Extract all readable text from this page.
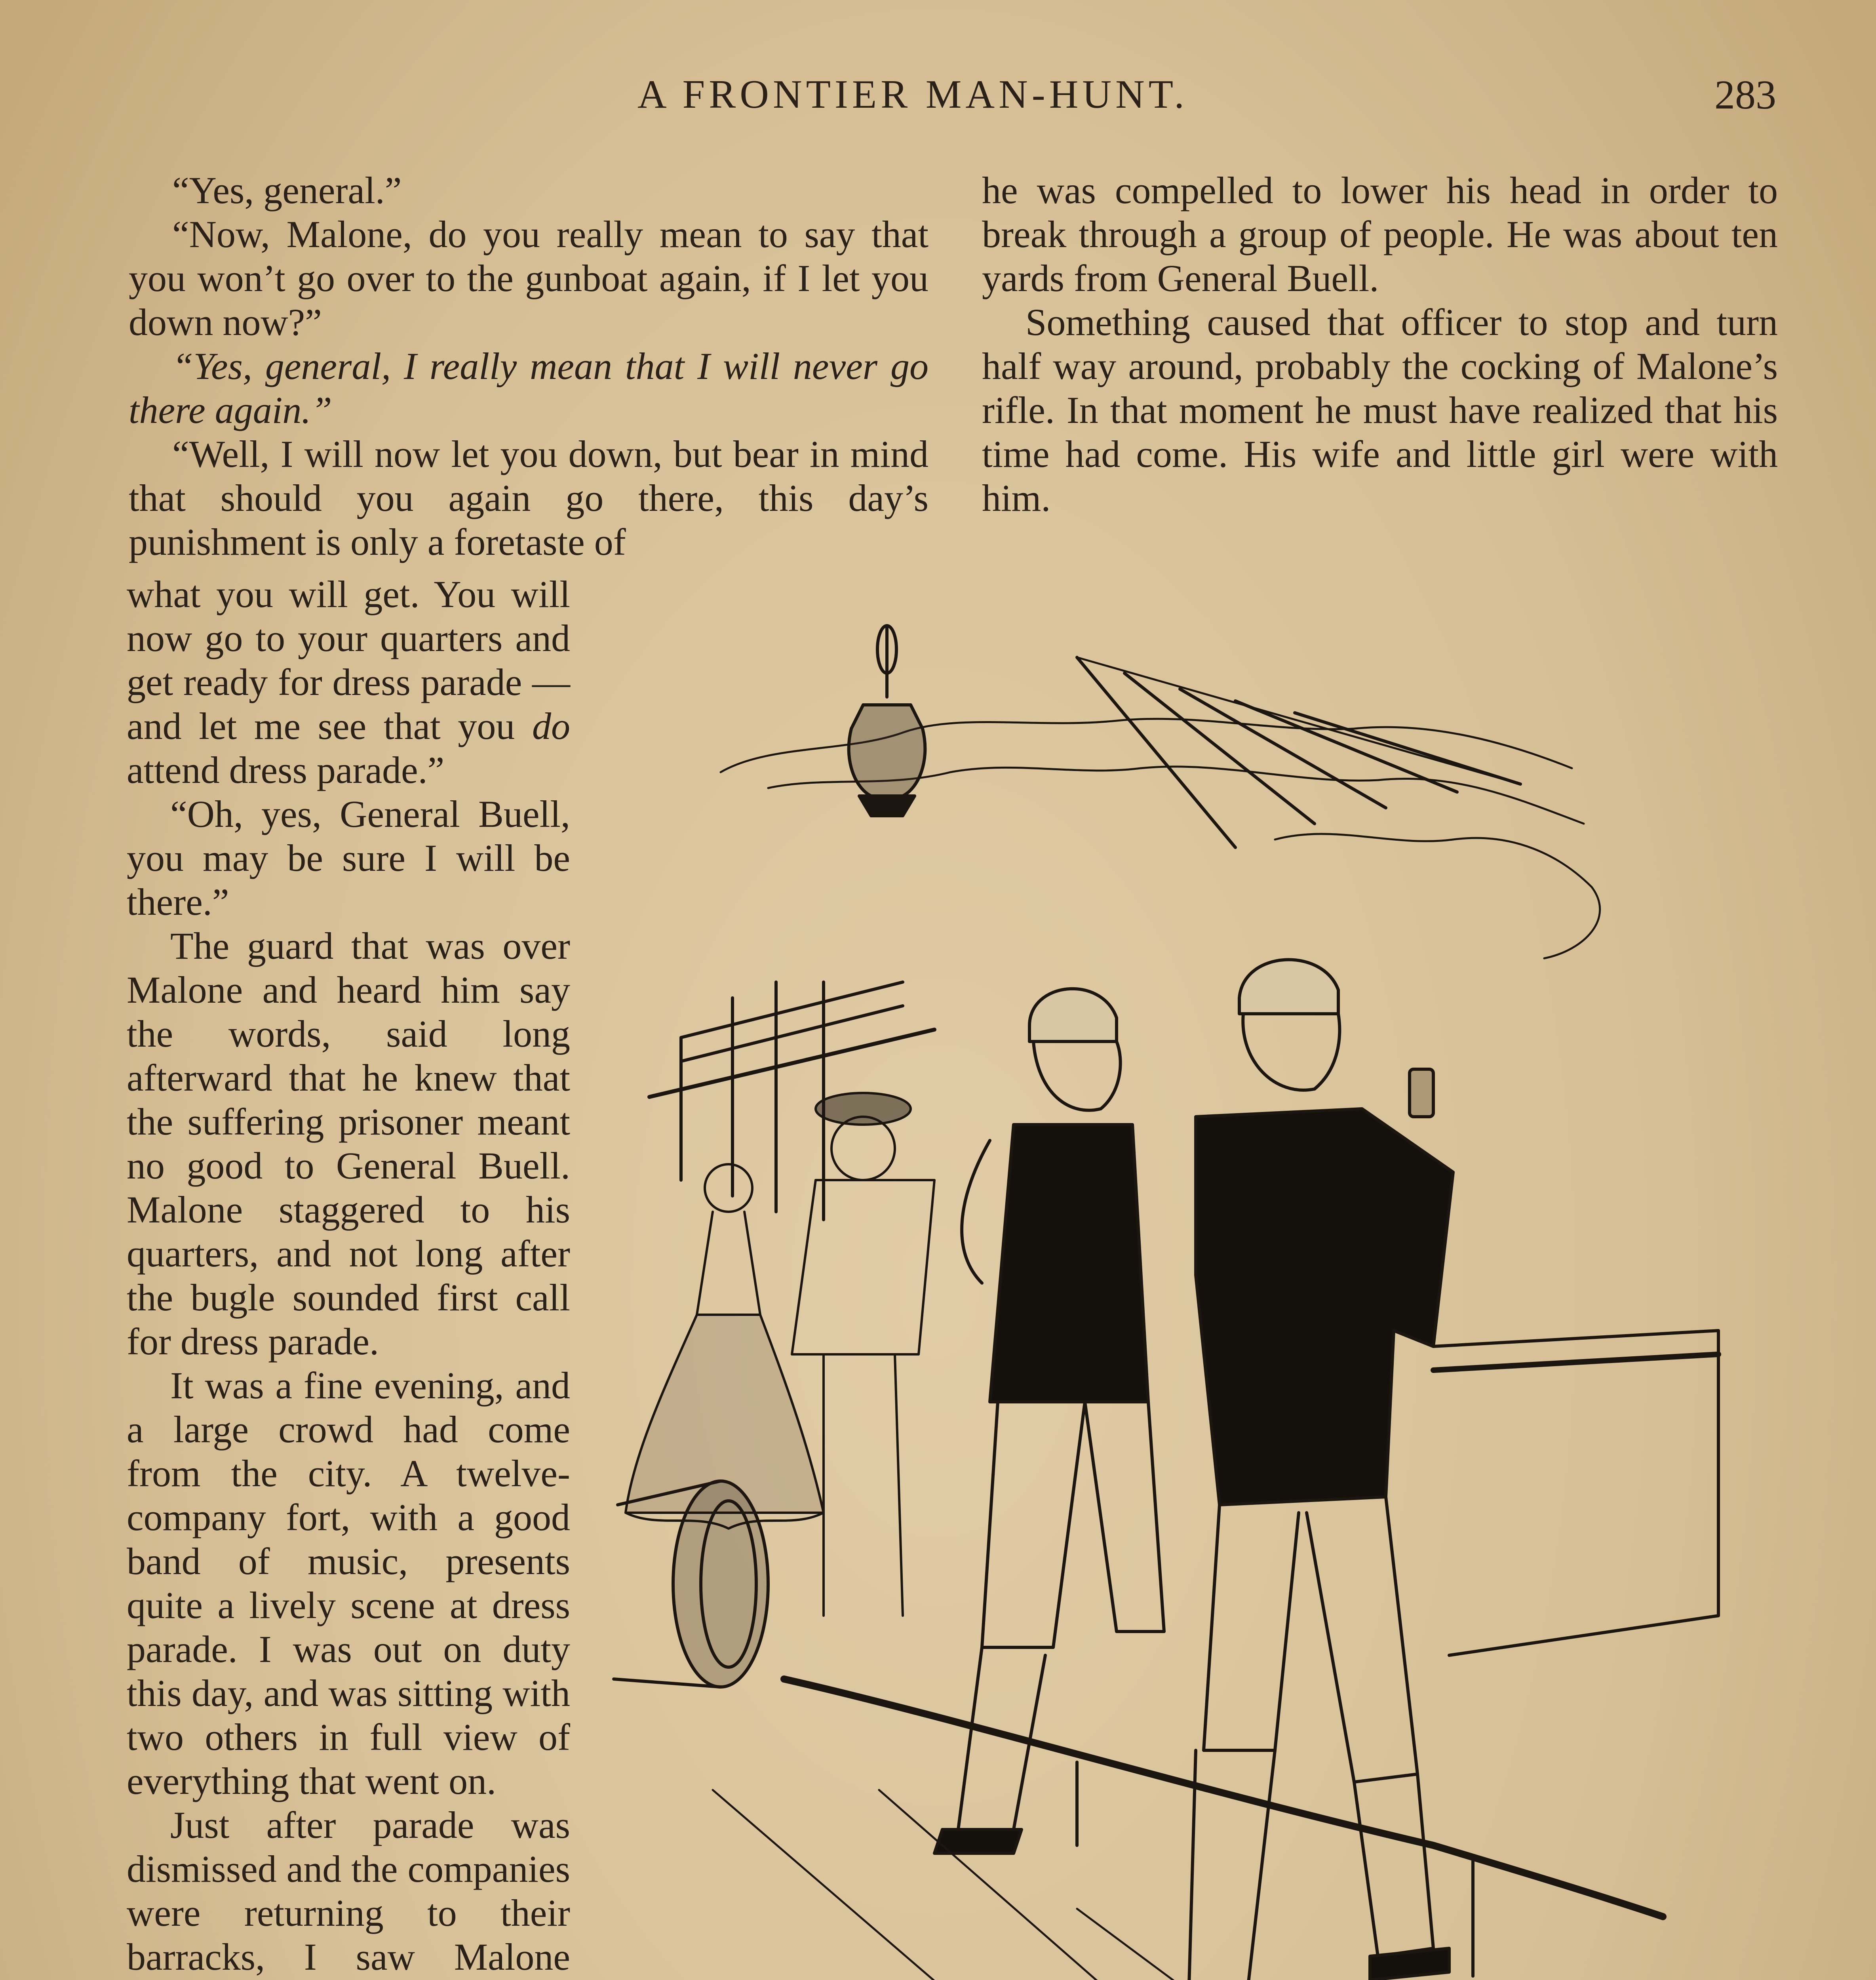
A FRONTIER MAN-HUNT.	283

“Yes, general.”

“Now, Malone, do you really mean to say that you won’t go over to the gunboat again, if I let you down now?”

“Yes, general, I really mean that I will never go there again.”

“Well, I will now let you down, but bear in mind that should you again go there, this day’s punishment is only a foretaste of

what you will get. You will now go to your quarters and get ready for dress parade — and let me see that you do attend dress parade.”

“Oh, yes, General Buell, you may be sure I will be there.”

The guard that was over Malone and heard him say the words, said long afterward that he knew that the suffering prisoner meant no good to General Buell. Malone staggered to his quarters, and not long after the bugle sounded first call for dress parade.

It was a fine evening, and a large crowd had come from the city. A twelve-company fort, with a good band of music, presents quite a lively scene at dress parade. I was out on duty this day, and was sitting with two others in full view of everything that went on.

Just after parade was dismissed and the companies were returning to their barracks, I saw Malone

he was compelled to lower his head in order to break through a group of people. He was about ten yards from General Buell.

Something caused that officer to stop and turn half way around, probably the cocking of Malone’s rifle. In that moment he must have realized that his time had come. His wife and little girl were with him.
